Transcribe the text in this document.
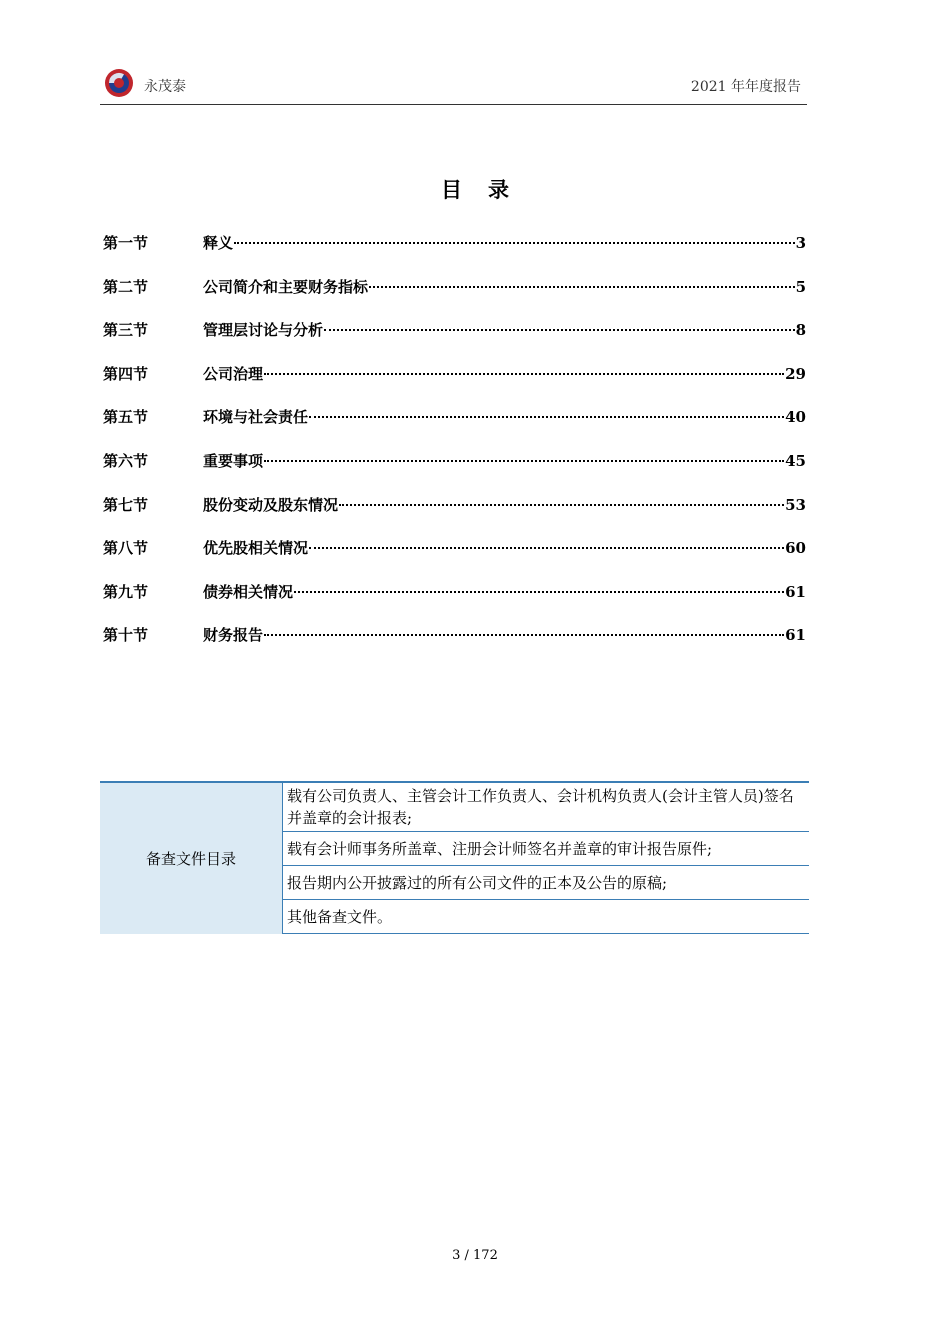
永茂泰	2021 年年度报告
目录
第一节	释义	3
第二节	公司简介和主要财务指标	5
第三节	管理层讨论与分析	8
第四节	公司治理	29
第五节	环境与社会责任	40
第六节	重要事项	45
第七节	股份变动及股东情况	53
第八节	优先股相关情况	60
第九节	债券相关情况	61
第十节	财务报告	61
备查文件目录	载有公司负责人、主管会计工作负责人、会计机构负责人(会计主管人员)签名并盖章的会计报表;
载有会计师事务所盖章、注册会计师签名并盖章的审计报告原件;
报告期内公开披露过的所有公司文件的正本及公告的原稿;
其他备查文件。
3 / 172
